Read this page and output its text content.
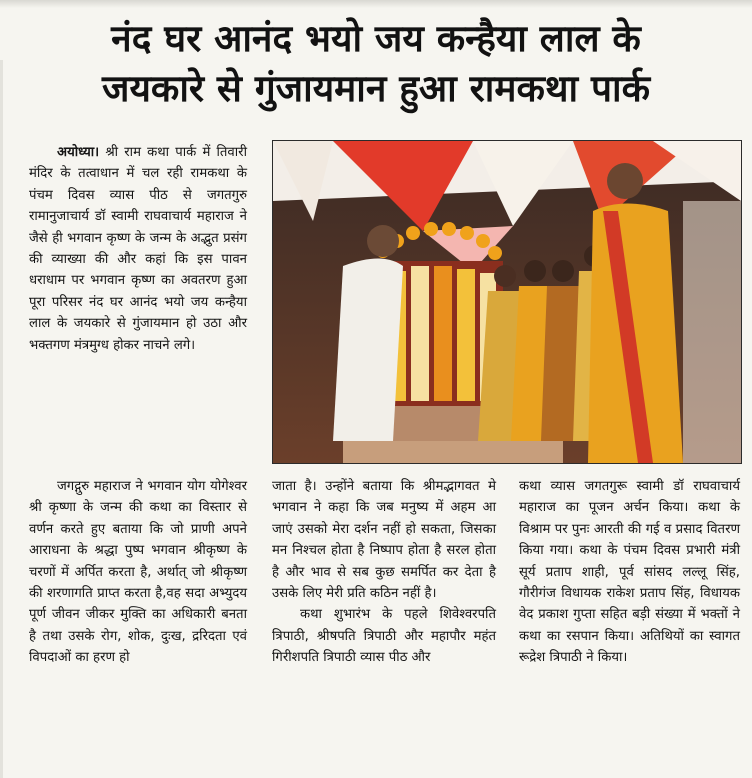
नंद घर आनंद भयो जय कन्हैया लाल के
जयकारे से गुंजायमान हुआ रामकथा पार्क

अयोध्या। श्री राम कथा पार्क में तिवारी मंदिर के तत्वाधान में चल रही रामकथा के पंचम दिवस व्यास पीठ से जगतगुरु रामानुजाचार्य डॉ स्वामी राघवाचार्य महाराज ने जैसे ही भगवान कृष्ण के जन्म के अद्भुत प्रसंग की व्याख्या की और कहां कि इस पावन धराधाम पर भगवान कृष्ण का अवतरण हुआ पूरा परिसर नंद घर आनंद भयो जय कन्हैया लाल के जयकारे से गुंजायमान हो उठा और भक्तगण मंत्रमुग्ध होकर नाचने लगे।

जगद्गुरु महाराज ने भगवान योग योगेश्वर श्री कृष्णा के जन्म की कथा का विस्तार से वर्णन करते हुए बताया कि जो प्राणी अपने आराधना के श्रद्धा पुष्प भगवान श्रीकृष्ण के चरणों में अर्पित करता है, अर्थात् जो श्रीकृष्ण की शरणागति प्राप्त करता है,वह सदा अभ्युदय पूर्ण जीवन जीकर मुक्ति का अधिकारी बनता है तथा उसके रोग, शोक, दुःख, द्ररिदता एवं विपदाओं का हरण हो

जाता है। उन्होंने बताया कि श्रीमद्भागवत मे भगवान ने कहा कि जब मनुष्य में अहम आ जाएं उसको मेरा दर्शन नहीं हो सकता, जिसका मन निश्चल होता है निष्पाप होता है सरल होता है और भाव से सब कुछ समर्पित कर देता है उसके लिए मेरी प्रति कठिन नहीं है।

कथा शुभारंभ के पहले शिवेश्वरपति त्रिपाठी, श्रीषपति त्रिपाठी और महापौर महंत गिरीशपति त्रिपाठी व्यास पीठ और

कथा व्यास जगतगुरू स्वामी डॉ राघवाचार्य महाराज का पूजन अर्चन किया। कथा के विश्राम पर पुनः आरती की गई व प्रसाद वितरण किया गया। कथा के पंचम दिवस प्रभारी मंत्री सूर्य प्रताप शाही, पूर्व सांसद लल्लू सिंह, गौरीगंज विधायक राकेश प्रताप सिंह, विधायक वेद प्रकाश गुप्ता सहित बड़ी संख्या में भक्तों ने कथा का रसपान किया। अतिथियों का स्वागत रूद्रेश त्रिपाठी ने किया।
